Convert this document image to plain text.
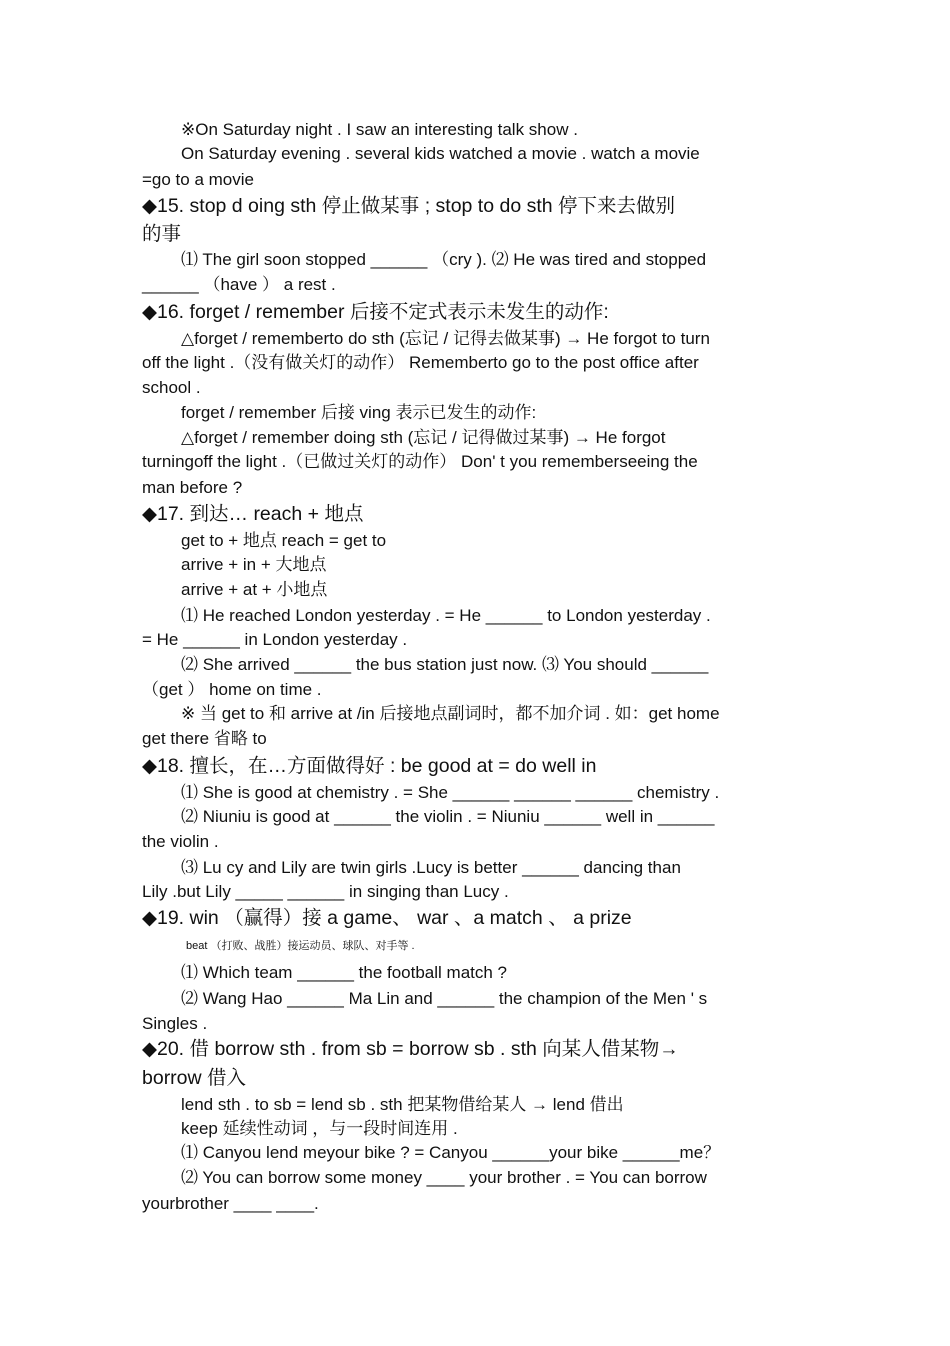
※On Saturday night . I saw an interesting talk show .
On Saturday evening . several kids watched a movie . watch a movie
=go to a movie
◆15. stop d oing sth 停止做某事 ; stop to do sth 停下来去做别
的事
⑴ The girl soon stopped ______ （cry ). ⑵ He was tired and stopped
______ （have ） a rest .
◆16. forget / remember 后接不定式表示未发生的动作:
△forget / rememberto do sth (忘记 / 记得去做某事) → He forgot to turn
off the light .（没有做关灯的动作） Rememberto go to the post office after
school .
forget / remember 后接 ving 表示已发生的动作:
△forget / remember doing sth (忘记 / 记得做过某事) → He forgot
turningoff the light .（已做过关灯的动作） Don' t you rememberseeing the
man before ?
◆17. 到达… reach + 地点
get to + 地点 reach = get to
arrive + in + 大地点
arrive + at + 小地点
⑴ He reached London yesterday . = He ______ to London yesterday .
= He ______ in London yesterday .
⑵ She arrived ______ the bus station just now. ⑶ You should ______
（get ） home on time .
※ 当 get to 和 arrive at /in 后接地点副词时，都不加介词 . 如：get home
get there 省略 to
◆18. 擅长，在…方面做得好 : be good at = do well in
⑴ She is good at chemistry . = She ______ ______ ______ chemistry .
⑵ Niuniu is good at ______ the violin . = Niuniu ______ well in ______
the violin .
⑶ Lu cy and Lily are twin girls .Lucy is better ______ dancing than
Lily .but Lily _____ ______ in singing than Lucy .
◆19. win （赢得）接 a game、 war 、a match 、 a prize
beat （打败、战胜）接运动员、球队、对手等 .
⑴ Which team ______ the football match ?
⑵ Wang Hao ______ Ma Lin and ______ the champion of the Men ' s
Singles .
◆20. 借 borrow sth . from sb = borrow sb . sth 向某人借某物→
borrow 借入
lend sth . to sb = lend sb . sth 把某物借给某人 → lend 借出
keep 延续性动词 ，与一段时间连用 .
⑴ Canyou lend meyour bike ? = Canyou ______your bike ______me？
⑵ You can borrow some money ____ your brother . = You can borrow
yourbrother ____ ____.
